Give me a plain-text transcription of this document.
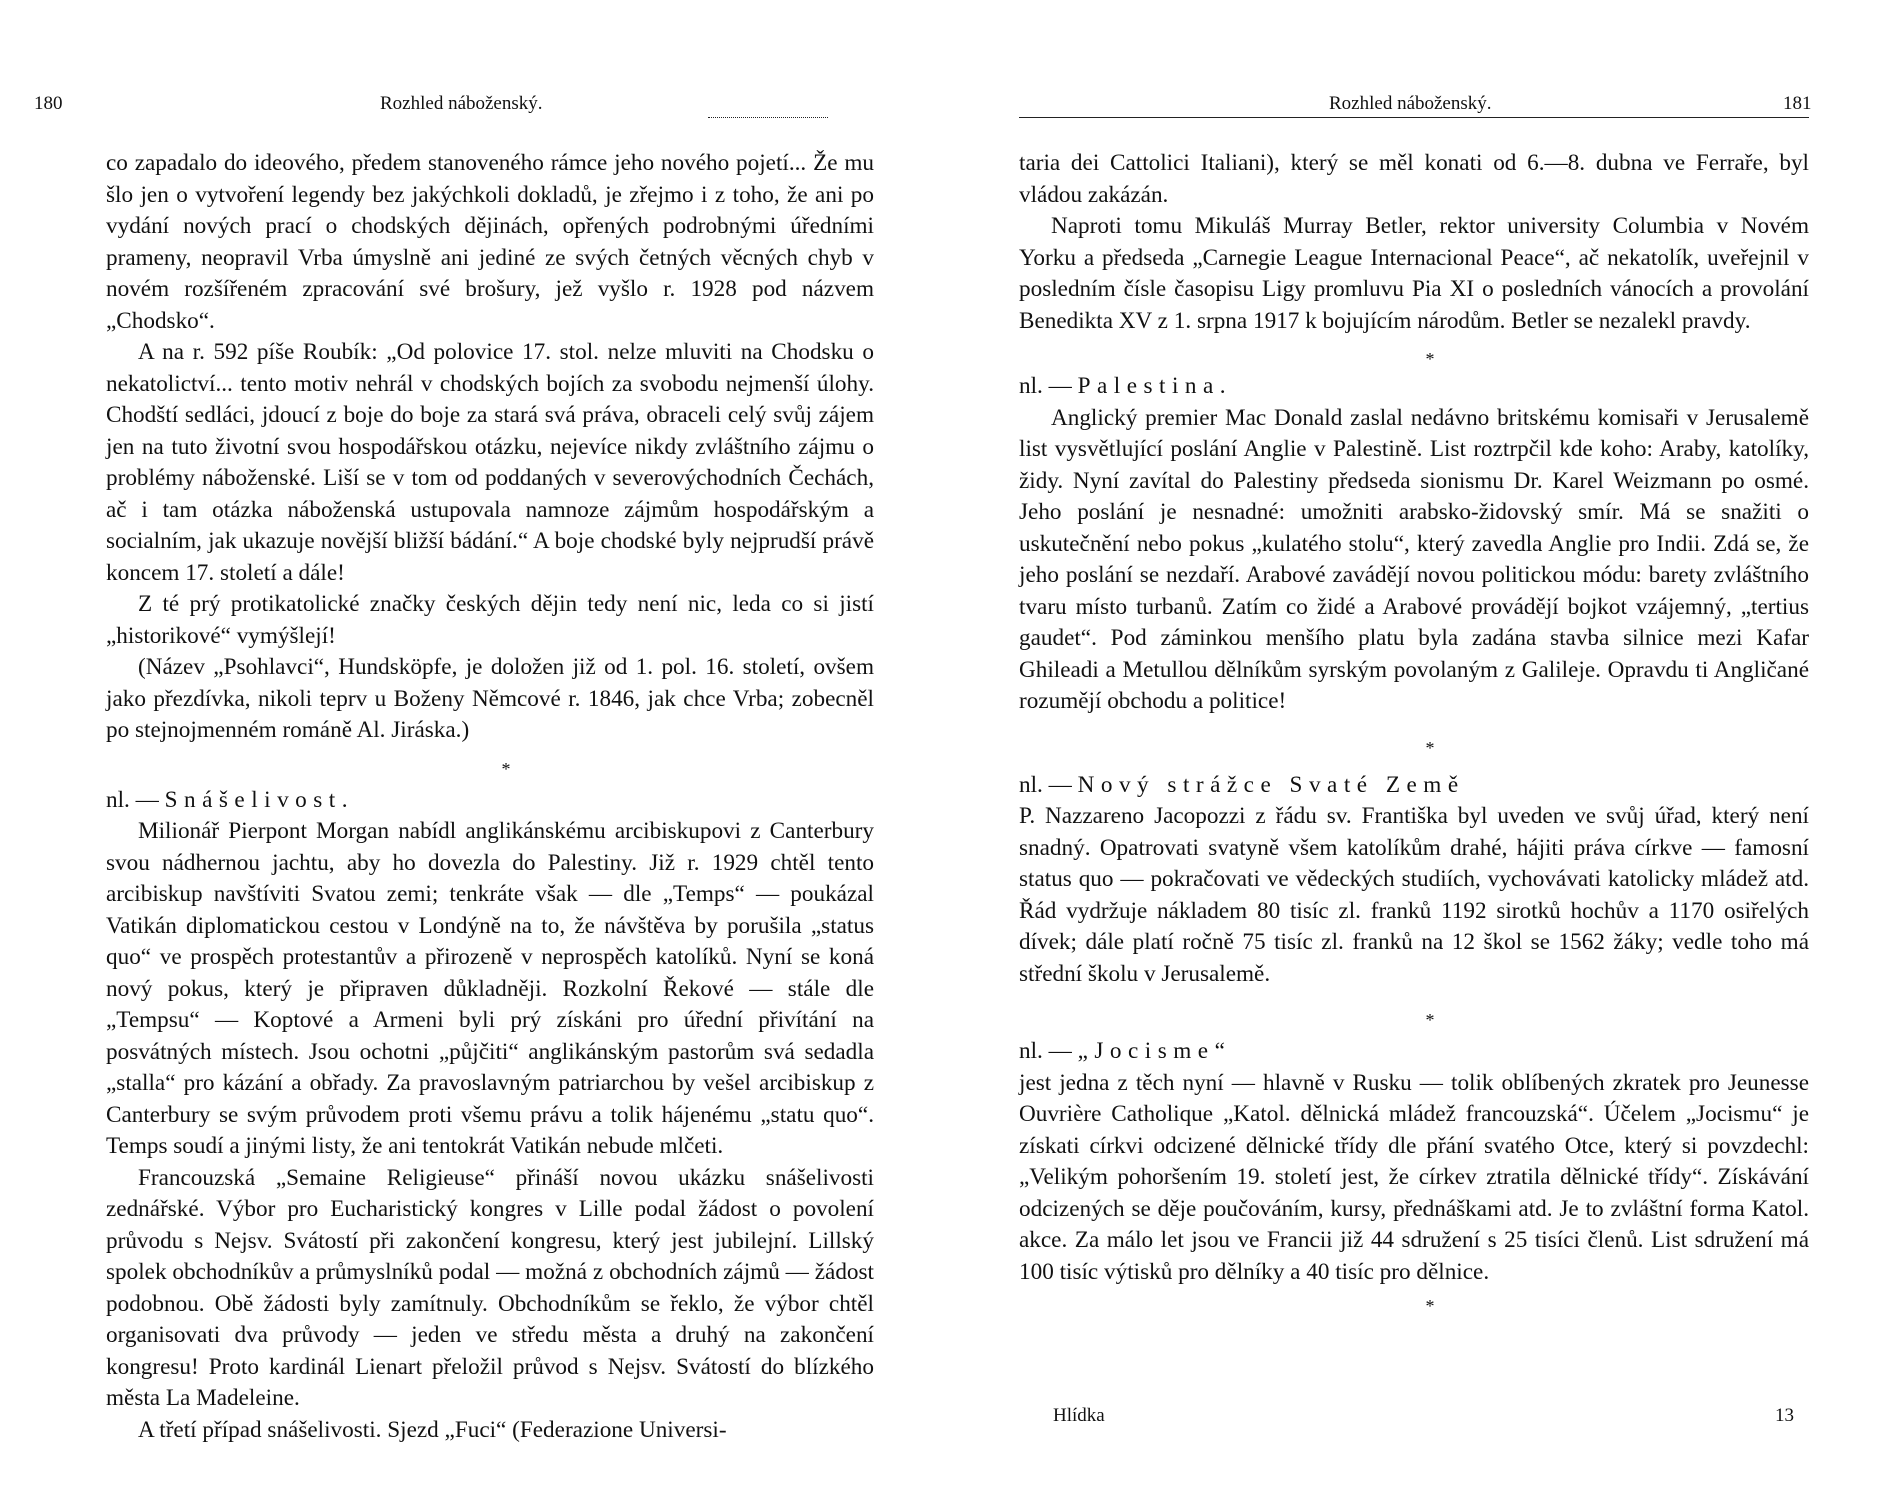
180	Rozhled náboženský.

co zapadalo do ideového, předem stanoveného rámce jeho nového pojetí... Že mu šlo jen o vytvoření legendy bez jakýchkoli dokladů, je zřejmo i z toho, že ani po vydání nových prací o chodských dějinách, opřených podrobnými úředními prameny, neopravil Vrba úmyslně ani jediné ze svých četných věcných chyb v novém rozšířeném zpracování své brošury, jež vyšlo r. 1928 pod názvem „Chodsko“.

A na r. 592 píše Roubík: „Od polovice 17. stol. nelze mluviti na Chodsku o nekatolictví... tento motiv nehrál v chodských bojích za svobodu nejmenší úlohy. Chodští sedláci, jdoucí z boje do boje za stará svá práva, obraceli celý svůj zájem jen na tuto životní svou hospodářskou otázku, nejevíce nikdy zvláštního zájmu o problémy náboženské. Liší se v tom od poddaných v severovýchodních Čechách, ač i tam otázka náboženská ustupovala namnoze zájmům hospodářským a socialním, jak ukazuje novější bližší bádání.“ A boje chodské byly nejprudší právě koncem 17. století a dále!

Z té prý protikatolické značky českých dějin tedy není nic, leda co si jistí „historikové“ vymýšlejí!

(Název „Psohlavci“, Hundsköpfe, je doložen již od 1. pol. 16. století, ovšem jako přezdívka, nikoli teprv u Boženy Němcové r. 1846, jak chce Vrba; zobecněl po stejnojmenném románě Al. Jiráska.)

*

nl. — Snášelivost.

Milionář Pierpont Morgan nabídl anglikánskému arcibiskupovi z Canterbury svou nádhernou jachtu, aby ho dovezla do Palestiny. Již r. 1929 chtěl tento arcibiskup navštíviti Svatou zemi; tenkráte však — dle „Temps“ — poukázal Vatikán diplomatickou cestou v Londýně na to, že návštěva by porušila „status quo“ ve prospěch protestantův a přirozeně v neprospěch katolíků. Nyní se koná nový pokus, který je připraven důkladněji. Rozkolní Řekové — stále dle „Tempsu“ — Koptové a Armeni byli prý získáni pro úřední přivítání na posvátných místech. Jsou ochotni „půjčiti“ anglikánským pastorům svá sedadla „stalla“ pro kázání a obřady. Za pravoslavným patriarchou by vešel arcibiskup z Canterbury se svým průvodem proti všemu právu a tolik hájenému „statu quo“. Temps soudí a jinými listy, že ani tentokrát Vatikán nebude mlčeti.

Francouzská „Semaine Religieuse“ přináší novou ukázku snášelivosti zednářské. Výbor pro Eucharistický kongres v Lille podal žádost o povolení průvodu s Nejsv. Svátostí při zakončení kongresu, který jest jubilejní. Lillský spolek obchodníkův a průmyslníků podal — možná z obchodních zájmů — žádost podobnou. Obě žádosti byly zamítnuly. Obchodníkům se řeklo, že výbor chtěl organisovati dva průvody — jeden ve středu města a druhý na zakončení kongresu! Proto kardinál Lienart přeložil průvod s Nejsv. Svátostí do blízkého města La Madeleine.

A třetí případ snášelivosti. Sjezd „Fuci“ (Federazione Universi-

Rozhled náboženský.	181

taria dei Cattolici Italiani), který se měl konati od 6.—8. dubna ve Ferraře, byl vládou zakázán.

Naproti tomu Mikuláš Murray Betler, rektor university Columbia v Novém Yorku a předseda „Carnegie League Internacional Peace“, ač nekatolík, uveřejnil v posledním čísle časopisu Ligy promluvu Pia XI o posledních vánocích a provolání Benedikta XV z 1. srpna 1917 k bojujícím národům. Betler se nezalekl pravdy.

*

nl. — Palestina.

Anglický premier Mac Donald zaslal nedávno britskému komisaři v Jerusalemě list vysvětlující poslání Anglie v Palestině. List roztrpčil kde koho: Araby, katolíky, židy. Nyní zavítal do Palestiny předseda sionismu Dr. Karel Weizmann po osmé. Jeho poslání je nesnadné: umožniti arabsko-židovský smír. Má se snažiti o uskutečnění nebo pokus „kulatého stolu“, který zavedla Anglie pro Indii. Zdá se, že jeho poslání se nezdaří. Arabové zavádějí novou politickou módu: barety zvláštního tvaru místo turbanů. Zatím co židé a Arabové provádějí bojkot vzájemný, „tertius gaudet“. Pod záminkou menšího platu byla zadána stavba silnice mezi Kafar Ghileadi a Metullou dělníkům syrským povolaným z Galileje. Opravdu ti Angličané rozumějí obchodu a politice!

*

nl. — Nový strážce Svaté Země

P. Nazzareno Jacopozzi z řádu sv. Františka byl uveden ve svůj úřad, který není snadný. Opatrovati svatyně všem katolíkům drahé, hájiti práva církve — famosní status quo — pokračovati ve vědeckých studiích, vychovávati katolicky mládež atd. Řád vydržuje nákladem 80 tisíc zl. franků 1192 sirotků hochův a 1170 osiřelých dívek; dále platí ročně 75 tisíc zl. franků na 12 škol se 1562 žáky; vedle toho má střední školu v Jerusalemě.

*

nl. — „Jocisme“

jest jedna z těch nyní — hlavně v Rusku — tolik oblíbených zkratek pro Jeunesse Ouvrière Catholique „Katol. dělnická mládež francouzská“. Účelem „Jocismu“ je získati církvi odcizené dělnické třídy dle přání svatého Otce, který si povzdechl: „Velikým pohoršením 19. století jest, že církev ztratila dělnické třídy“. Získávání odcizených se děje poučováním, kursy, přednáškami atd. Je to zvláštní forma Katol. akce. Za málo let jsou ve Francii již 44 sdružení s 25 tisíci členů. List sdružení má 100 tisíc výtisků pro dělníky a 40 tisíc pro dělnice.

*

Hlídka	13
